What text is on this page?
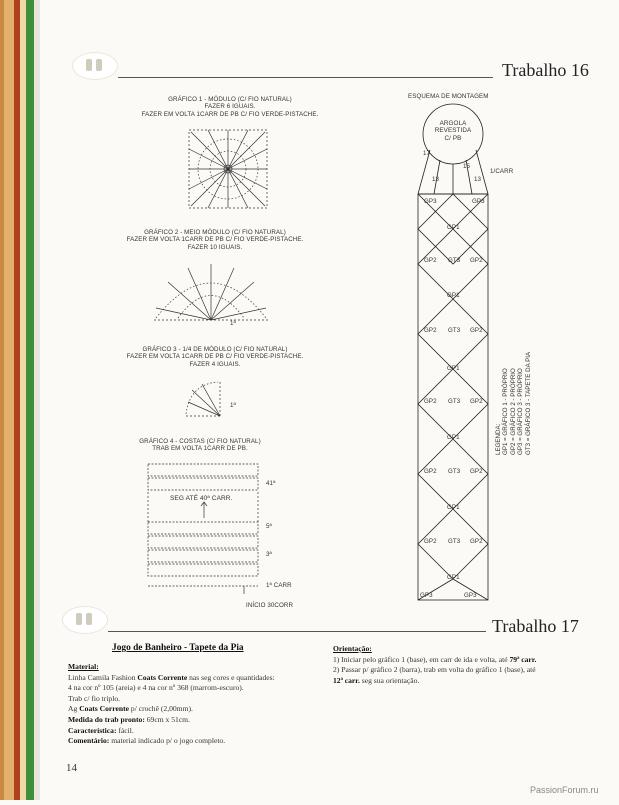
Trabalho 16
GRÁFICO 1 - MÓDULO (C/ FIO NATURAL)
FAZER 6 IGUAIS.
FAZER EM VOLTA 1CARR DE PB C/ FIO VERDE-PISTACHE.
GRÁFICO 2 - MEIO MÓDULO (C/ FIO NATURAL)
FAZER EM VOLTA 1CARR DE PB C/ FIO VERDE-PISTACHE.
FAZER 10 IGUAIS.
1ª
GRÁFICO 3 - 1/4 DE MÓDULO (C/ FIO NATURAL)
FAZER EM VOLTA 1CARR DE PB C/ FIO VERDE-PISTACHE.
FAZER 4 IGUAIS.
1ª
GRÁFICO 4 - COSTAS (C/ FIO NATURAL)
TRAB EM VOLTA 1CARR DE PB.
SEG ATÉ 40ª CARR.
41ª
5ª
3ª
1ª CARR
INÍCIO 30CORR
ESQUEMA DE MONTAGEM
ARGOLA
REVESTIDA
C/ PB
17
13	13
15
1/CARR
GP3	GP3
GP1
GP2 GT3 GP2
GP1
GP2 GT3 GP2
GP1
GP2 GT3 GP2
GP1
GP2 GT3 GP2
GP1
GP2 GT3 GP2
GP1
GP3	GP3
LEGENDA: GP1 = GRÁFICO 1 - PRÓPRIO GP2 = GRÁFICO 2 - PRÓPRIO GP3 = GRÁFICO 3 - PRÓPRIO GT3 = GRÁFICO 3 - TAPETE DA PIA
Trabalho 17
Jogo de Banheiro - Tapete da Pia
Material:
Linha Camila Fashion Coats Corrente nas seg cores e quantidades:
4 na cor nº 105 (areia) e 4 na cor nº 368 (marrom-escuro).
Trab c/ fio triplo.
Ag Coats Corrente p/ crochê (2,00mm).
Medida do trab pronto: 69cm x 51cm.
Característica: fácil.
Comentário: material indicado p/ o jogo completo.
Orientação:
1) Iniciar pelo gráfico 1 (base), em carr de ida e volta, até 79ª carr.
2) Passar p/ gráfico 2 (barra), trab em volta do gráfico 1 (base), até
12ª carr. seg sua orientação.
14
PassionForum.ru
